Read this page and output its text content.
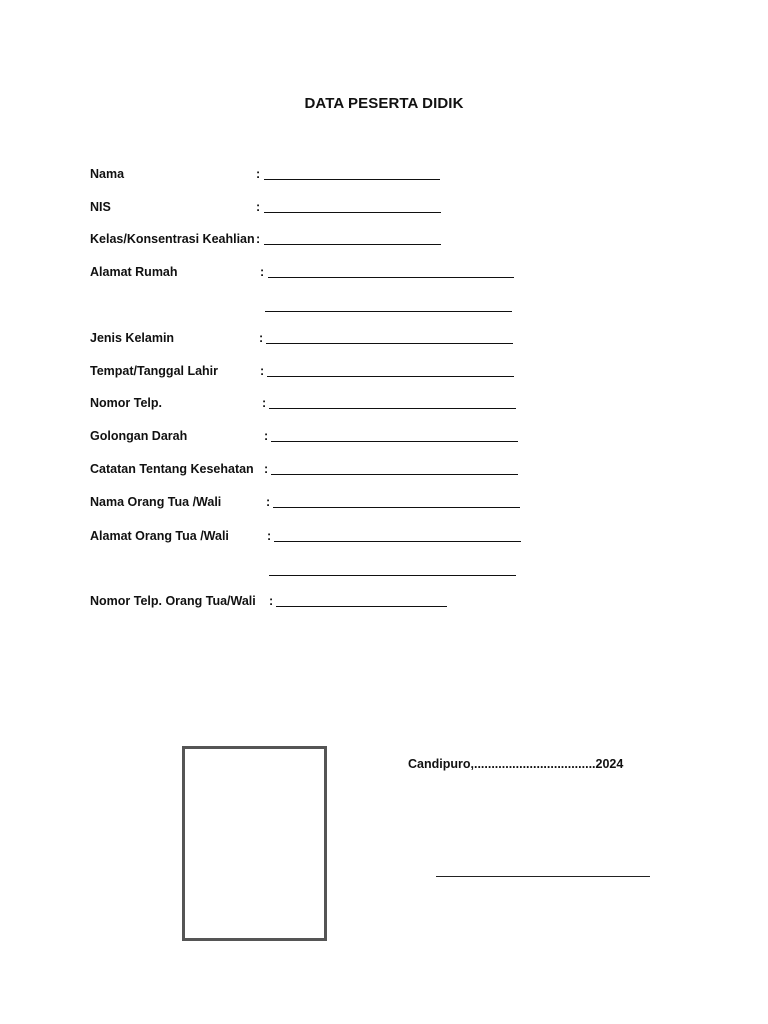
DATA PESERTA DIDIK
Nama	:
NIS	:
Kelas/Konsentrasi Keahlian :
Alamat Rumah	:
Jenis Kelamin	:
Tempat/Tanggal Lahir	:
Nomor Telp.	:
Golongan Darah	:
Catatan Tentang Kesehatan :
Nama Orang Tua /Wali	:
Alamat Orang Tua /Wali	:
Nomor Telp. Orang Tua/Wali :
Candipuro,...................................2024
